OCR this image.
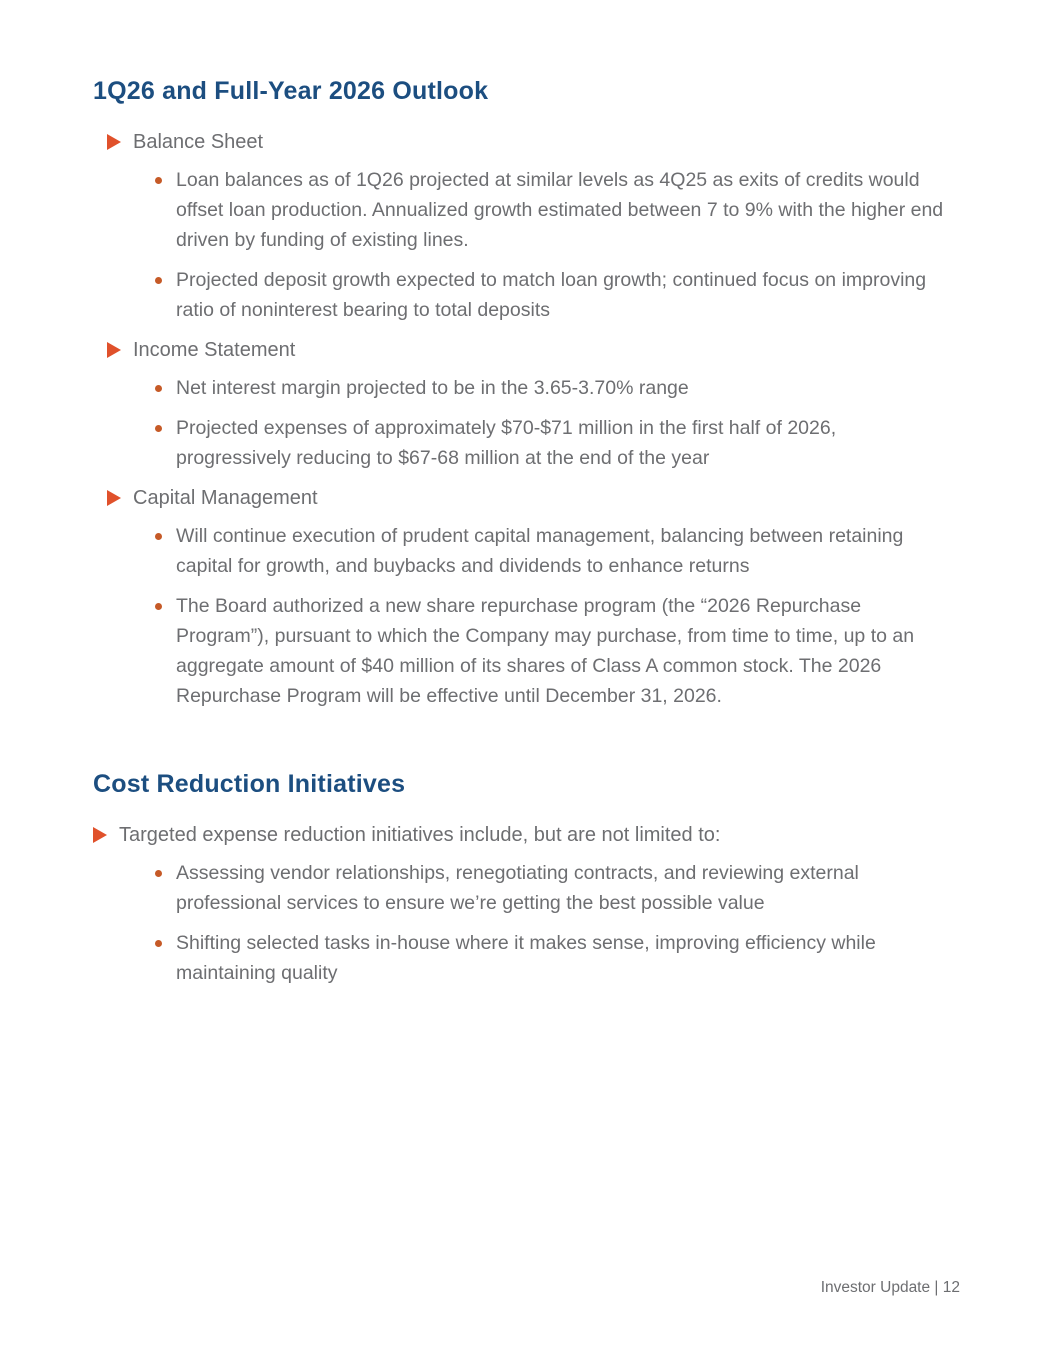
1Q26 and Full-Year 2026 Outlook
Balance Sheet

Loan balances as of 1Q26 projected at similar levels as 4Q25 as exits of credits would offset loan production. Annualized growth estimated between 7 to 9% with the higher end driven by funding of existing lines.

Projected deposit growth expected to match loan growth; continued focus on improving ratio of noninterest bearing to total deposits

Income Statement

Net interest margin projected to be in the 3.65-3.70% range

Projected expenses of approximately $70-$71 million in the first half of 2026, progressively reducing to $67-68 million at the end of the year

Capital Management

Will continue execution of prudent capital management, balancing between retaining capital for growth, and buybacks and dividends to enhance returns

The Board authorized a new share repurchase program (the “2026 Repurchase Program”), pursuant to which the Company may purchase, from time to time, up to an aggregate amount of $40 million of its shares of Class A common stock. The 2026 Repurchase Program will be effective until December 31, 2026.

Cost Reduction Initiatives
Targeted expense reduction initiatives include, but are not limited to:

Assessing vendor relationships, renegotiating contracts, and reviewing external professional services to ensure we’re getting the best possible value

Shifting selected tasks in-house where it makes sense, improving efficiency while maintaining quality

Investor Update | 12
